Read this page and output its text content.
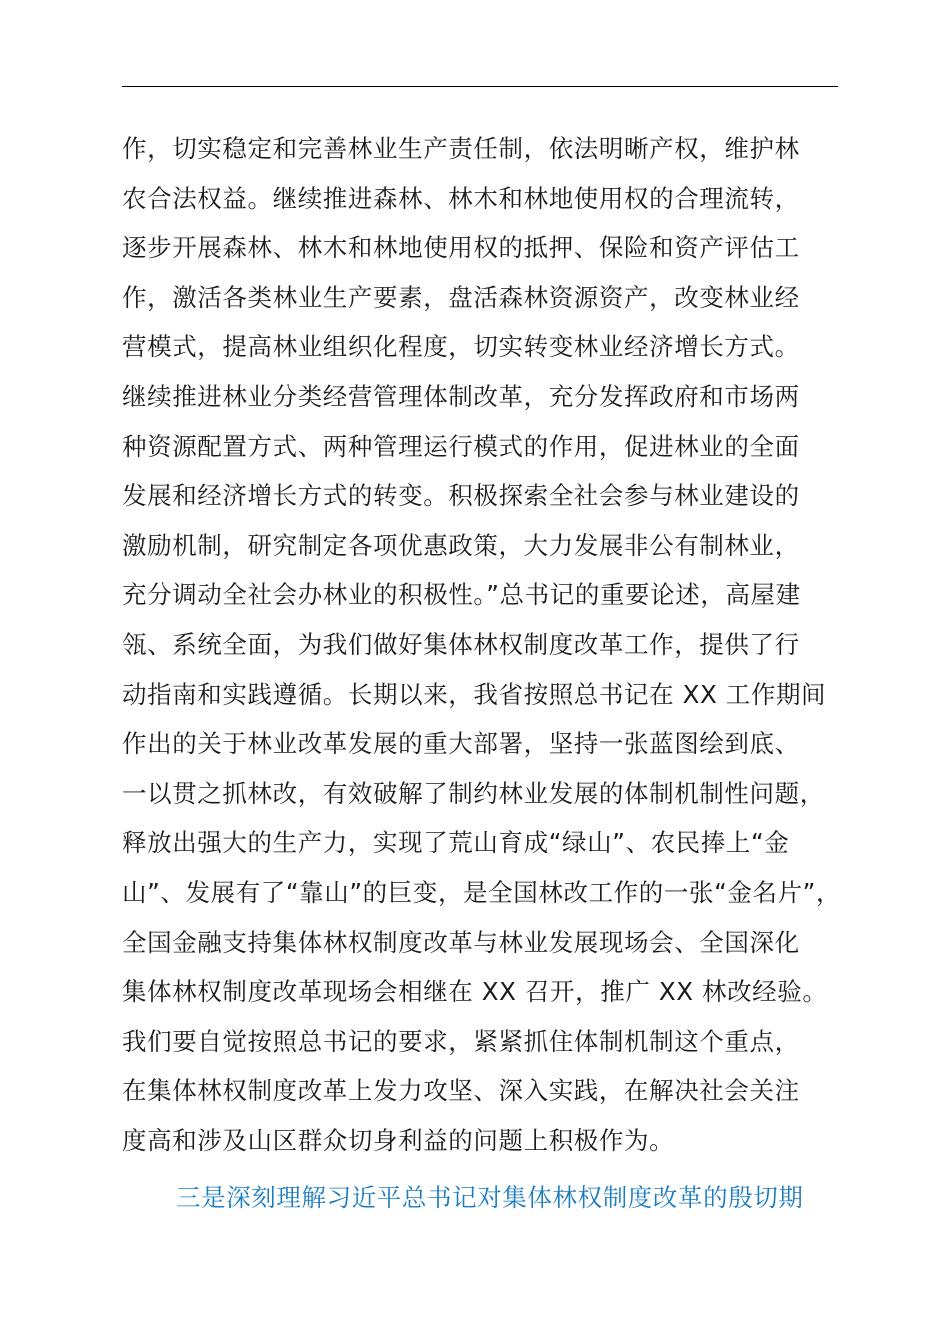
作，切实稳定和完善林业生产责任制，依法明晰产权，维护林
农合法权益。继续推进森林、林木和林地使用权的合理流转，
逐步开展森林、林木和林地使用权的抵押、保险和资产评估工
作，激活各类林业生产要素，盘活森林资源资产，改变林业经
营模式，提高林业组织化程度，切实转变林业经济增长方式。
继续推进林业分类经营管理体制改革，充分发挥政府和市场两
种资源配置方式、两种管理运行模式的作用，促进林业的全面
发展和经济增长方式的转变。积极探索全社会参与林业建设的
激励机制，研究制定各项优惠政策，大力发展非公有制林业，
充分调动全社会办林业的积极性。”总书记的重要论述，高屋建
瓴、系统全面，为我们做好集体林权制度改革工作，提供了行
动指南和实践遵循。长期以来，我省按照总书记在 XX 工作期间
作出的关于林业改革发展的重大部署，坚持一张蓝图绘到底、
一以贯之抓林改，有效破解了制约林业发展的体制机制性问题，
释放出强大的生产力，实现了荒山育成“绿山”、农民捧上“金
山”、发展有了“靠山”的巨变，是全国林改工作的一张“金名片”，
全国金融支持集体林权制度改革与林业发展现场会、全国深化
集体林权制度改革现场会相继在 XX 召开，推广 XX 林改经验。
我们要自觉按照总书记的要求，紧紧抓住体制机制这个重点，
在集体林权制度改革上发力攻坚、深入实践，在解决社会关注
度高和涉及山区群众切身利益的问题上积极作为。
三是深刻理解习近平总书记对集体林权制度改革的殷切期
